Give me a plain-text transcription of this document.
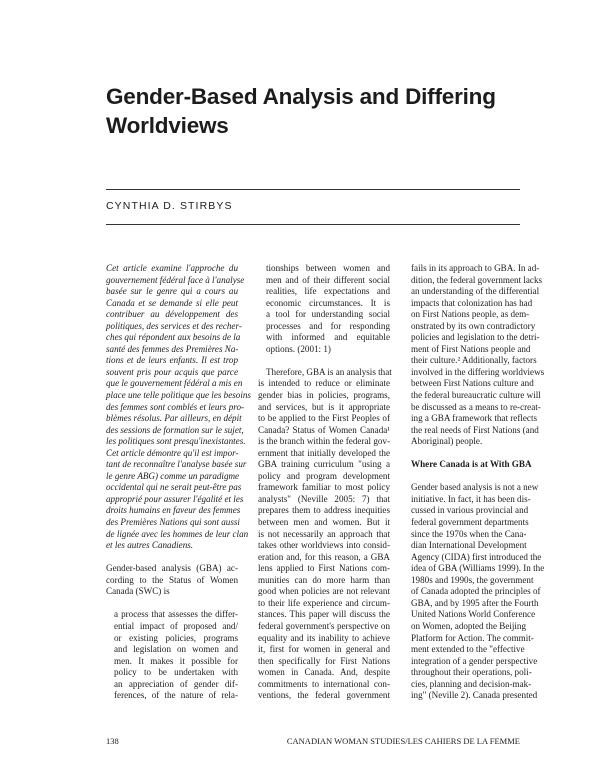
Gender-Based Analysis and Differing
Worldviews
CYNTHIA D. STIRBYS
Cet article examine l'approche du
gouvernement fédéral face à l'analyse
basée sur le genre qui a cours au
Canada et se demande si elle peut
contribuer au développement des
politiques, des services et des recher-
ches qui répondent aux besoins de la
santé des femmes des Premières Na-
tions et de leurs enfants. Il est trop
souvent pris pour acquis que parce
que le gouvernement fédéral a mis en
place une telle politique que les besoins
des femmes sont comblés et leurs pro-
blèmes résolus. Par ailleurs, en dépit
des sessions de formation sur le sujet,
les politiques sont presqu'inexistantes.
Cet article démontre qu'il est impor-
tant de reconnaître l'analyse basée sur
le genre ABG) comme un paradigme
occidental qui ne serait peut-être pas
approprié pour assurer l'égalité et les
droits humains en faveur des femmes
des Premières Nations qui sont aussi
de lignée avec les hommes de leur clan
et les autres Canadiens.
Gender-based analysis (GBA) ac-
cording to the Status of Women
Canada (SWC) is
a process that assesses the differ-
ential impact of proposed and/
or existing policies, programs
and legislation on women and
men. It makes it possible for
policy to be undertaken with
an appreciation of gender dif-
ferences, of the nature of rela-
tionships between women and
men and of their different social
realities, life expectations and
economic circumstances. It is
a tool for understanding social
processes and for responding
with informed and equitable
options. (2001: 1)
Therefore, GBA is an analysis that
is intended to reduce or eliminate
gender bias in policies, programs,
and services, but is it appropriate
to be applied to the First Peoples of
Canada? Status of Women Canada¹
is the branch within the federal gov-
ernment that initially developed the
GBA training curriculum "using a
policy and program development
framework familiar to most policy
analysts" (Neville 2005: 7) that
prepares them to address inequities
between men and women. But it
is not necessarily an approach that
takes other worldviews into consid-
eration and, for this reason, a GBA
lens applied to First Nations com-
munities can do more harm than
good when policies are not relevant
to their life experience and circum-
stances. This paper will discuss the
federal government's perspective on
equality and its inability to achieve
it, first for women in general and
then specifically for First Nations
women in Canada. And, despite
commitments to international con-
ventions, the federal government
fails in its approach to GBA. In ad-
dition, the federal government lacks
an understanding of the differential
impacts that colonization has had
on First Nations people, as dem-
onstrated by its own contradictory
policies and legislation to the detri-
ment of First Nations people and
their culture.² Additionally, factors
involved in the differing worldviews
between First Nations culture and
the federal bureaucratic culture will
be discussed as a means to re-creat-
ing a GBA framework that reflects
the real needs of First Nations (and
Aboriginal) people.
Where Canada is at With GBA
Gender based analysis is not a new
initiative. In fact, it has been dis-
cussed in various provincial and
federal government departments
since the 1970s when the Cana-
dian International Development
Agency (CIDA) first introduced the
idea of GBA (Williams 1999). In the
1980s and 1990s, the government
of Canada adopted the principles of
GBA, and by 1995 after the Fourth
United Nations World Conference
on Women, adopted the Beijing
Platform for Action. The commit-
ment extended to the "effective
integration of a gender perspective
throughout their operations, poli-
cies, planning and decision-mak-
ing" (Neville 2). Canada presented
138	CANADIAN WOMAN STUDIES/LES CAHIERS DE LA FEMME
